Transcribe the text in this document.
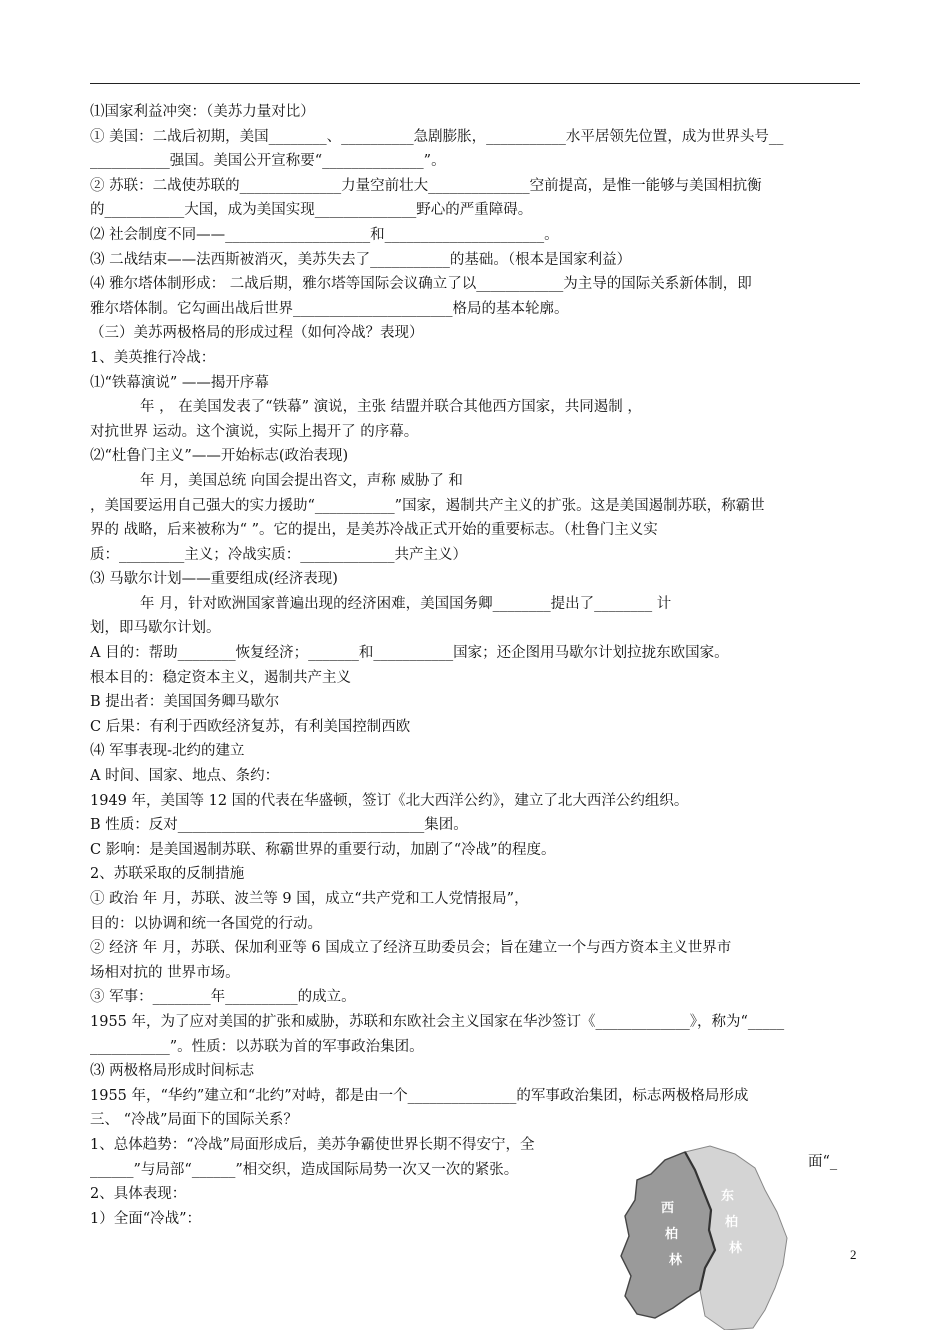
⑴国家利益冲突：（美苏力量对比）
① 美国：二战后初期，美国________、__________急剧膨胀，___________水平居领先位置，成为世界头号__
___________强国。美国公开宣称要“______________”。
② 苏联：二战使苏联的______________力量空前壮大______________空前提高，是惟一能够与美国相抗衡
的___________大国，成为美国实现______________野心的严重障碍。
⑵ 社会制度不同——____________________和______________________。
⑶ 二战结束——法西斯被消灭，美苏失去了___________的基础。（根本是国家利益）
⑷ 雅尔塔体制形成： 二战后期，雅尔塔等国际会议确立了以____________为主导的国际关系新体制，即
雅尔塔体制。它勾画出战后世界______________________格局的基本轮廓。
（三）美苏两极格局的形成过程（如何冷战？表现）
1、美英推行冷战：
⑴“铁幕演说” ——揭开序幕
年 ， 在美国发表了“铁幕” 演说，主张 结盟并联合其他西方国家，共同遏制 ，
对抗世界 运动。这个演说，实际上揭开了 的序幕。
⑵“杜鲁门主义”——开始标志(政治表现)
年 月，美国总统 向国会提出咨文，声称 威胁了 和
，美国要运用自己强大的实力援助“___________”国家，遏制共产主义的扩张。这是美国遏制苏联，称霸世
界的 战略，后来被称为“ ”。它的提出，是美苏冷战正式开始的重要标志。（杜鲁门主义实
质：_________主义；冷战实质：_____________共产主义）
⑶ 马歇尔计划——重要组成(经济表现)
年 月，针对欧洲国家普遍出现的经济困难，美国国务卿________提出了________ 计
划，即马歇尔计划。
A 目的：帮助________恢复经济；_______和___________国家；还企图用马歇尔计划拉拢东欧国家。
根本目的：稳定资本主义，遏制共产主义
B 提出者：美国国务卿马歇尔
C 后果：有利于西欧经济复苏，有利美国控制西欧
⑷ 军事表现-北约的建立
A 时间、国家、地点、条约：
1949 年，美国等 12 国的代表在华盛顿，签订《北大西洋公约》，建立了北大西洋公约组织。
B 性质：反对__________________________________集团。
C 影响：是美国遏制苏联、称霸世界的重要行动，加剧了“冷战”的程度。
2、苏联采取的反制措施
① 政治 年 月，苏联、波兰等 9 国，成立“共产党和工人党情报局”，
目的：以协调和统一各国党的行动。
② 经济 年 月，苏联、保加利亚等 6 国成立了经济互助委员会；旨在建立一个与西方资本主义世界市
场相对抗的 世界市场。
③ 军事：________年__________的成立。
1955 年，为了应对美国的扩张和威胁，苏联和东欧社会主义国家在华沙签订《_____________》，称为“_____
___________”。性质：以苏联为首的军事政治集团。
⑶ 两极格局形成时间标志
1955 年，“华约”建立和“北约”对峙，都是由一个_______________的军事政治集团，标志两极格局形成
三、 “冷战”局面下的国际关系？
1、总体趋势：“冷战”局面形成后，美苏争霸使世界长期不得安宁，全
______”与局部“______”相交织，造成国际局势一次又一次的紧张。
2、具体表现：
1）全面“冷战”：
面“_
西
柏
林
东
柏
林	2
